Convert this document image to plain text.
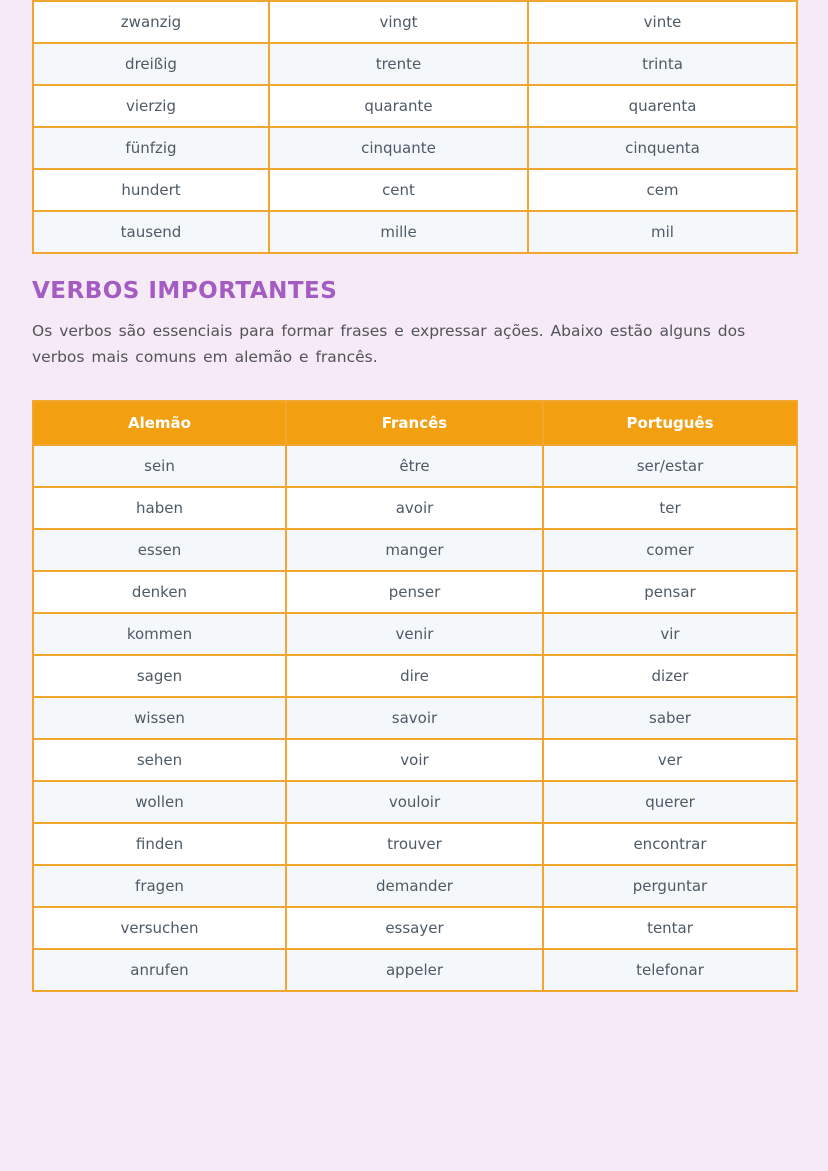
zwanzig	vingt	vinte
dreißig	trente	trinta
vierzig	quarante	quarenta
fünfzig	cinquante	cinquenta
hundert	cent	cem
tausend	mille	mil
VERBOS IMPORTANTES

Os verbos são essenciais para formar frases e expressar ações. Abaixo estão alguns dos verbos mais comuns em alemão e francês.

Alemão	Francês	Português
sein	être	ser/estar
haben	avoir	ter
essen	manger	comer
denken	penser	pensar
kommen	venir	vir
sagen	dire	dizer
wissen	savoir	saber
sehen	voir	ver
wollen	vouloir	querer
finden	trouver	encontrar
fragen	demander	perguntar
versuchen	essayer	tentar
anrufen	appeler	telefonar
